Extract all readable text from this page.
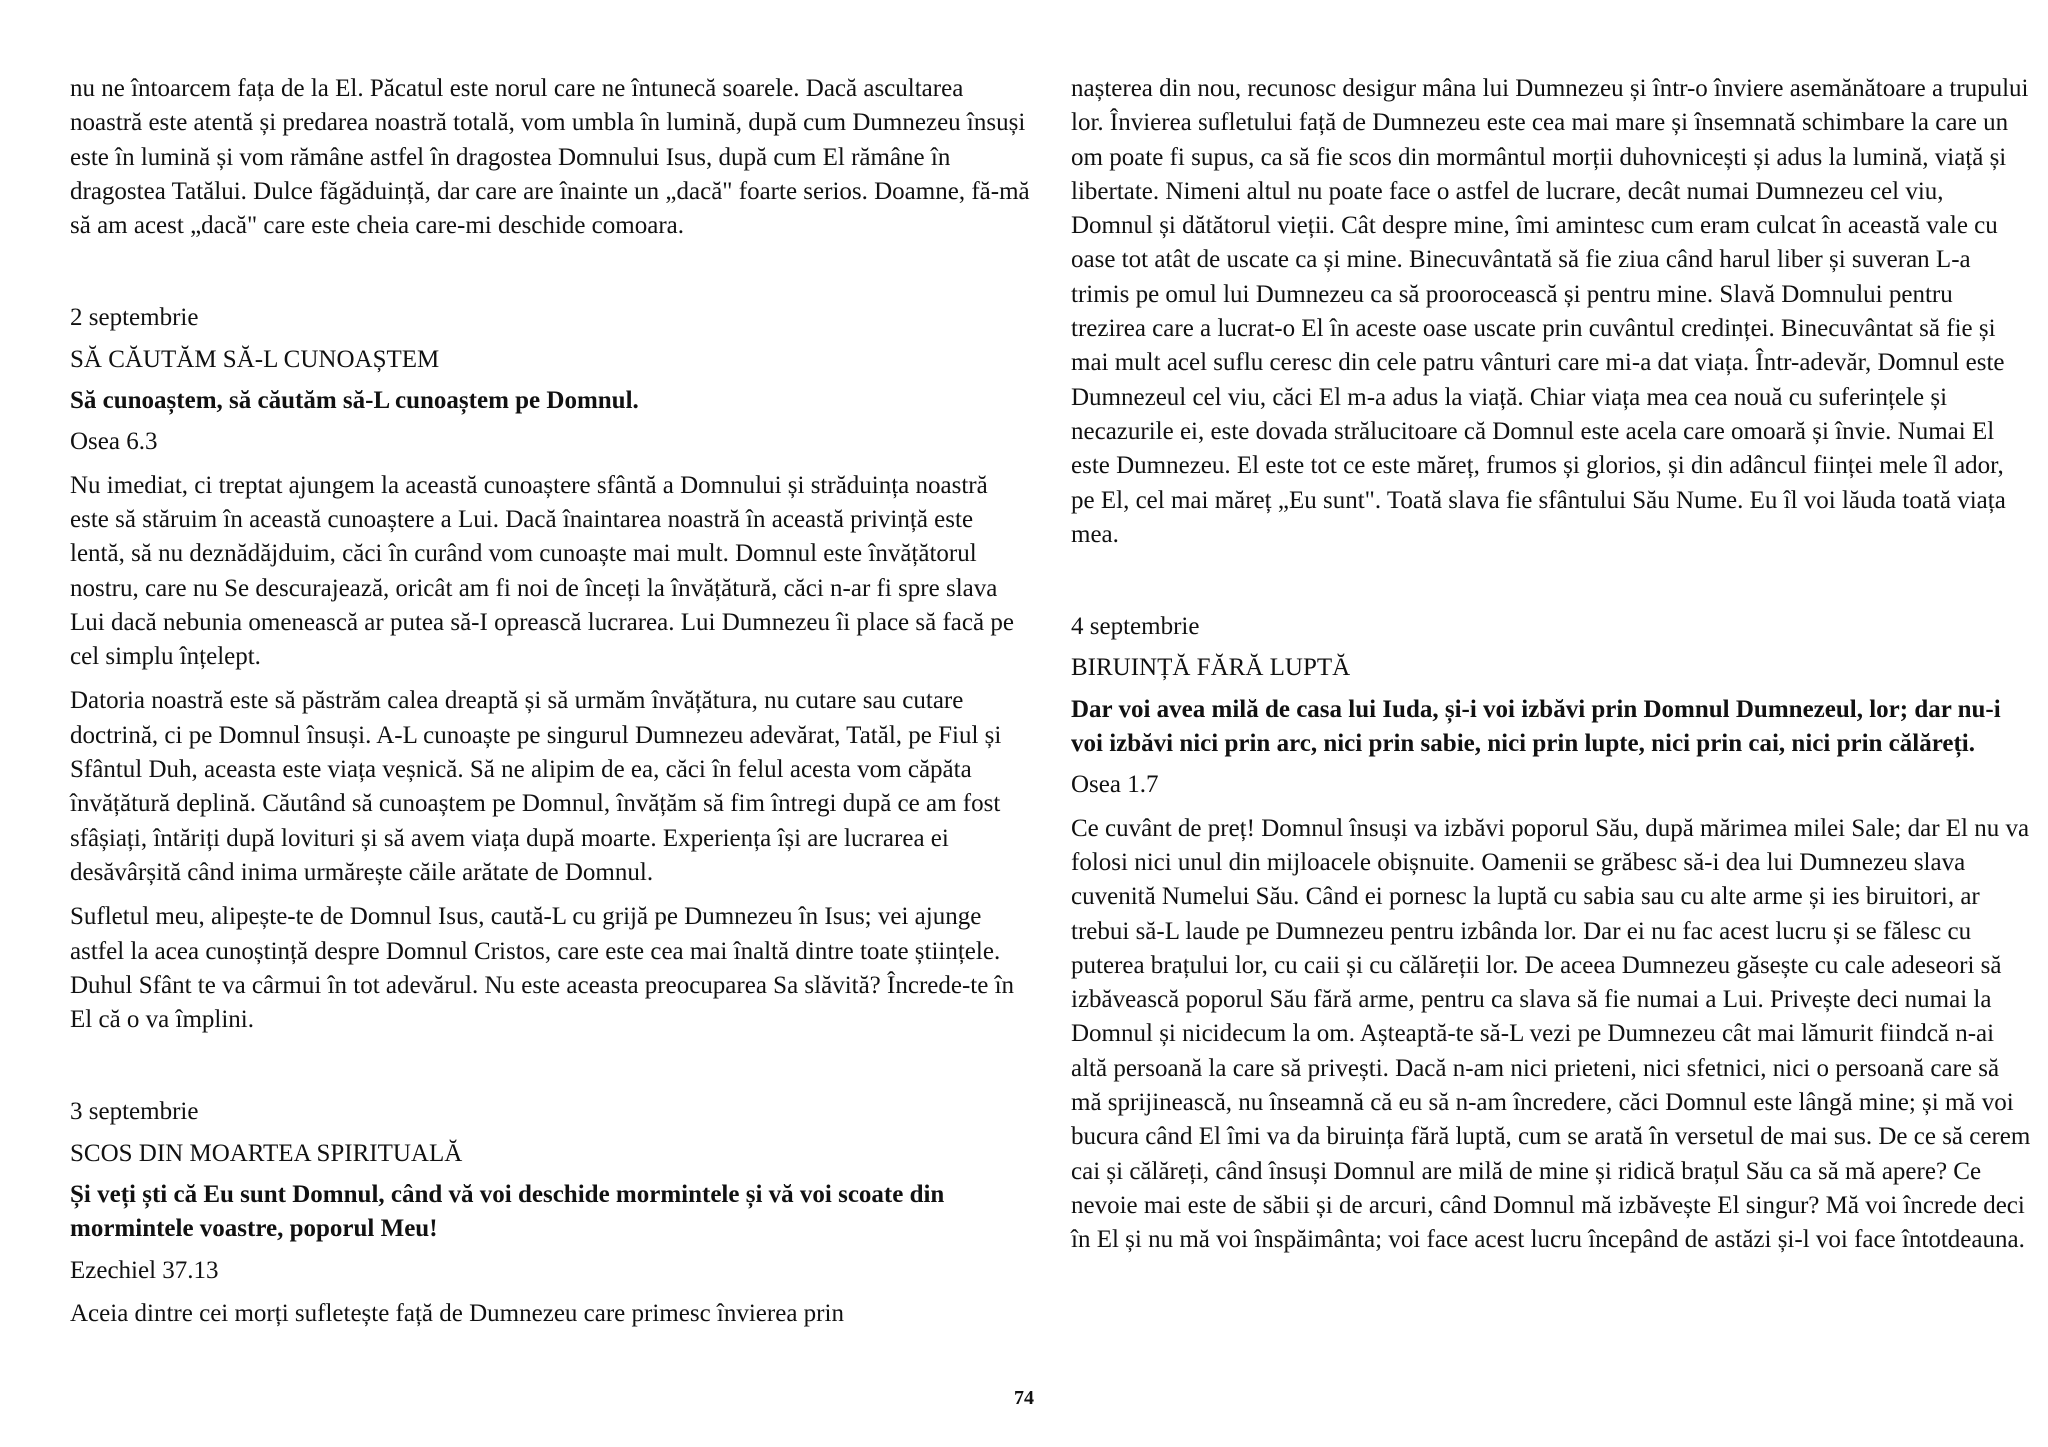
nu ne întoarcem fața de la El. Păcatul este norul care ne întunecă soarele. Dacă ascultarea noastră este atentă și predarea noastră totală, vom umbla în lumină, după cum Dumnezeu însuși este în lumină și vom rămâne astfel în dragostea Domnului Isus, după cum El rămâne în dragostea Tatălui. Dulce făgăduință, dar care are înainte un „dacă" foarte serios. Doamne, fă-mă să am acest „dacă" care este cheia care-mi deschide comoara.

2 septembrie

SĂ CĂUTĂM SĂ-L CUNOAȘTEM

Să cunoaștem, să căutăm să-L cunoaștem pe Domnul.

Osea 6.3

Nu imediat, ci treptat ajungem la această cunoaștere sfântă a Domnului și străduința noastră este să stăruim în această cunoaștere a Lui. Dacă înaintarea noastră în această privință este lentă, să nu deznădăjduim, căci în curând vom cunoaște mai mult. Domnul este învățătorul nostru, care nu Se descurajează, oricât am fi noi de înceți la învățătură, căci n-ar fi spre slava Lui dacă nebunia omenească ar putea să-I oprească lucrarea. Lui Dumnezeu îi place să facă pe cel simplu înțelept.

Datoria noastră este să păstrăm calea dreaptă și să urmăm învățătura, nu cutare sau cutare doctrină, ci pe Domnul însuși. A-L cunoaște pe singurul Dumnezeu adevărat, Tatăl, pe Fiul și Sfântul Duh, aceasta este viața veșnică. Să ne alipim de ea, căci în felul acesta vom căpăta învățătură deplină. Căutând să cunoaștem pe Domnul, învățăm să fim întregi după ce am fost sfâșiați, întăriți după lovituri și să avem viața după moarte. Experiența își are lucrarea ei desăvârșită când inima urmărește căile arătate de Domnul.

Sufletul meu, alipește-te de Domnul Isus, caută-L cu grijă pe Dumnezeu în Isus; vei ajunge astfel la acea cunoștință despre Domnul Cristos, care este cea mai înaltă dintre toate științele. Duhul Sfânt te va cârmui în tot adevărul. Nu este aceasta preocuparea Sa slăvită? Încrede-te în El că o va împlini.

3 septembrie

SCOS DIN MOARTEA SPIRITUALĂ

Și veți ști că Eu sunt Domnul, când vă voi deschide mormintele și vă voi scoate din mormintele voastre, poporul Meu!

Ezechiel 37.13

Aceia dintre cei morți sufletește față de Dumnezeu care primesc învierea prin

nașterea din nou, recunosc desigur mâna lui Dumnezeu și într-o înviere asemănătoare a trupului lor. Învierea sufletului față de Dumnezeu este cea mai mare și însemnată schimbare la care un om poate fi supus, ca să fie scos din mormântul morții duhovnicești și adus la lumină, viață și libertate. Nimeni altul nu poate face o astfel de lucrare, decât numai Dumnezeu cel viu, Domnul și dătătorul vieții. Cât despre mine, îmi amintesc cum eram culcat în această vale cu oase tot atât de uscate ca și mine. Binecuvântată să fie ziua când harul liber și suveran L-a trimis pe omul lui Dumnezeu ca să proorocească și pentru mine. Slavă Domnului pentru trezirea care a lucrat-o El în aceste oase uscate prin cuvântul credinței. Binecuvântat să fie și mai mult acel suflu ceresc din cele patru vânturi care mi-a dat viața. Într-adevăr, Domnul este Dumnezeul cel viu, căci El m-a adus la viață. Chiar viața mea cea nouă cu suferințele și necazurile ei, este dovada strălucitoare că Domnul este acela care omoară și învie. Numai El este Dumnezeu. El este tot ce este măreț, frumos și glorios, și din adâncul ființei mele îl ador, pe El, cel mai măreț „Eu sunt". Toată slava fie sfântului Său Nume. Eu îl voi lăuda toată viața mea.

4 septembrie

BIRUINȚĂ FĂRĂ LUPTĂ

Dar voi avea milă de casa lui Iuda, și-i voi izbăvi prin Domnul Dumnezeul, lor; dar nu-i voi izbăvi nici prin arc, nici prin sabie, nici prin lupte, nici prin cai, nici prin călăreți.

Osea 1.7

Ce cuvânt de preț! Domnul însuși va izbăvi poporul Său, după mărimea milei Sale; dar El nu va folosi nici unul din mijloacele obișnuite. Oamenii se grăbesc să-i dea lui Dumnezeu slava cuvenită Numelui Său. Când ei pornesc la luptă cu sabia sau cu alte arme și ies biruitori, ar trebui să-L laude pe Dumnezeu pentru izbânda lor. Dar ei nu fac acest lucru și se fălesc cu puterea brațului lor, cu caii și cu călăreții lor. De aceea Dumnezeu găsește cu cale adeseori să izbăvească poporul Său fără arme, pentru ca slava să fie numai a Lui. Privește deci numai la Domnul și nicidecum la om. Așteaptă-te să-L vezi pe Dumnezeu cât mai lămurit fiindcă n-ai altă persoană la care să privești. Dacă n-am nici prieteni, nici sfetnici, nici o persoană care să mă sprijinească, nu înseamnă că eu să n-am încredere, căci Domnul este lângă mine; și mă voi bucura când El îmi va da biruința fără luptă, cum se arată în versetul de mai sus. De ce să cerem cai și călăreți, când însuși Domnul are milă de mine și ridică brațul Său ca să mă apere? Ce nevoie mai este de săbii și de arcuri, când Domnul mă izbăvește El singur? Mă voi încrede deci în El și nu mă voi înspăimânta; voi face acest lucru începând de astăzi și-l voi face întotdeauna.

74
